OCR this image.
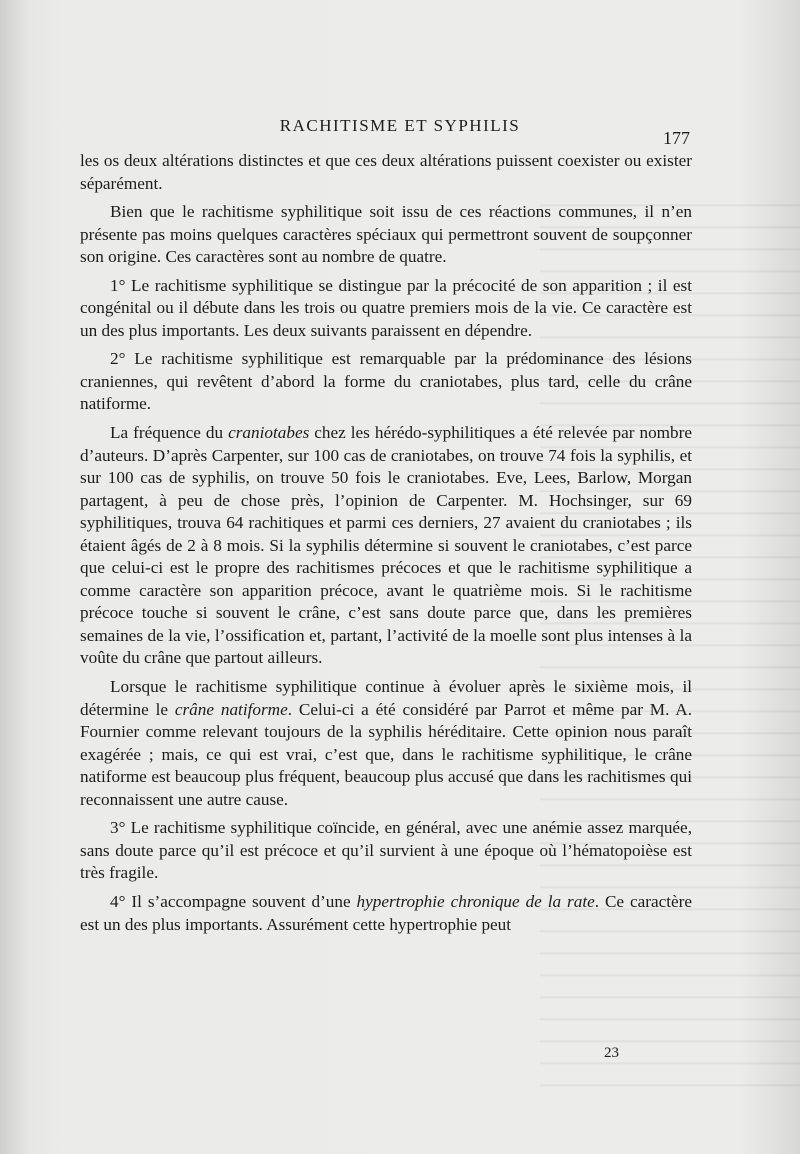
RACHITISME ET SYPHILIS
177

les os deux altérations distinctes et que ces deux altérations puissent coexister ou exister séparément.

Bien que le rachitisme syphilitique soit issu de ces réactions communes, il n’en présente pas moins quelques caractères spéciaux qui permettront souvent de soupçonner son origine. Ces caractères sont au nombre de quatre.

1° Le rachitisme syphilitique se distingue par la précocité de son apparition ; il est congénital ou il débute dans les trois ou quatre premiers mois de la vie. Ce caractère est un des plus importants. Les deux suivants paraissent en dépendre.

2° Le rachitisme syphilitique est remarquable par la prédominance des lésions craniennes, qui revêtent d’abord la forme du craniotabes, plus tard, celle du crâne natiforme.

La fréquence du craniotabes chez les hérédo-syphilitiques a été relevée par nombre d’auteurs. D’après Carpenter, sur 100 cas de craniotabes, on trouve 74 fois la syphilis, et sur 100 cas de syphilis, on trouve 50 fois le craniotabes. Eve, Lees, Barlow, Morgan partagent, à peu de chose près, l’opinion de Carpenter. M. Hochsinger, sur 69 syphilitiques, trouva 64 rachitiques et parmi ces derniers, 27 avaient du craniotabes ; ils étaient âgés de 2 à 8 mois. Si la syphilis détermine si souvent le craniotabes, c’est parce que celui-ci est le propre des rachitismes précoces et que le rachitisme syphilitique a comme caractère son apparition précoce, avant le quatrième mois. Si le rachitisme précoce touche si souvent le crâne, c’est sans doute parce que, dans les premières semaines de la vie, l’ossification et, partant, l’activité de la moelle sont plus intenses à la voûte du crâne que partout ailleurs.

Lorsque le rachitisme syphilitique continue à évoluer après le sixième mois, il détermine le crâne natiforme. Celui-ci a été considéré par Parrot et même par M. A. Fournier comme relevant toujours de la syphilis héréditaire. Cette opinion nous paraît exagérée ; mais, ce qui est vrai, c’est que, dans le rachitisme syphilitique, le crâne natiforme est beaucoup plus fréquent, beaucoup plus accusé que dans les rachitismes qui reconnaissent une autre cause.

3° Le rachitisme syphilitique coïncide, en général, avec une anémie assez marquée, sans doute parce qu’il est précoce et qu’il survient à une époque où l’hématopoièse est très fragile.

4° Il s’accompagne souvent d’une hypertrophie chronique de la rate. Ce caractère est un des plus importants. Assurément cette hypertrophie peut

23
